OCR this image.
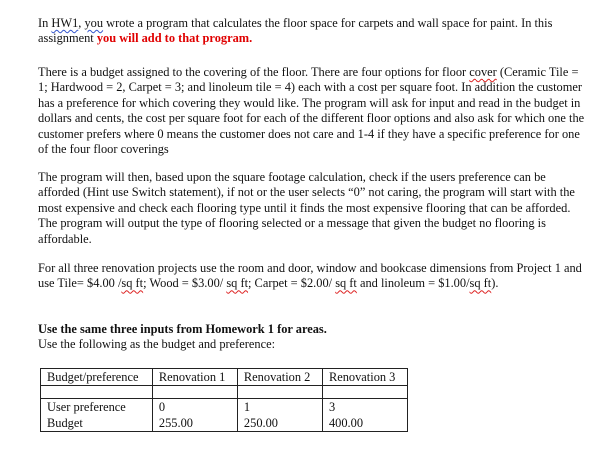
In HW1, you wrote a program that calculates the floor space for carpets and wall space for paint. In this assignment you will add to that program.

There is a budget assigned to the covering of the floor. There are four options for floor cover (Ceramic Tile = 1; Hardwood = 2, Carpet = 3; and linoleum tile = 4) each with a cost per square foot. In addition the customer has a preference for which covering they would like. The program will ask for input and read in the budget in dollars and cents, the cost per square foot for each of the different floor options and also ask for which one the customer prefers where 0 means the customer does not care and 1-4 if they have a specific preference for one of the four floor coverings

The program will then, based upon the square footage calculation, check if the users preference can be afforded (Hint use Switch statement), if not or the user selects “0” not caring, the program will start with the most expensive and check each flooring type until it finds the most expensive flooring that can be afforded. The program will output the type of flooring selected or a message that given the budget no flooring is affordable.

For all three renovation projects use the room and door, window and bookcase dimensions from Project 1 and use Tile= $4.00 /sq ft; Wood = $3.00/ sq ft; Carpet = $2.00/ sq ft and linoleum = $1.00/sq ft).

Use the same three inputs from Homework 1 for areas.
Use the following as the budget and preference:

Budget/preference	Renovation 1	Renovation 2	Renovation 3

User preference	0	1	3
Budget	255.00	250.00	400.00
